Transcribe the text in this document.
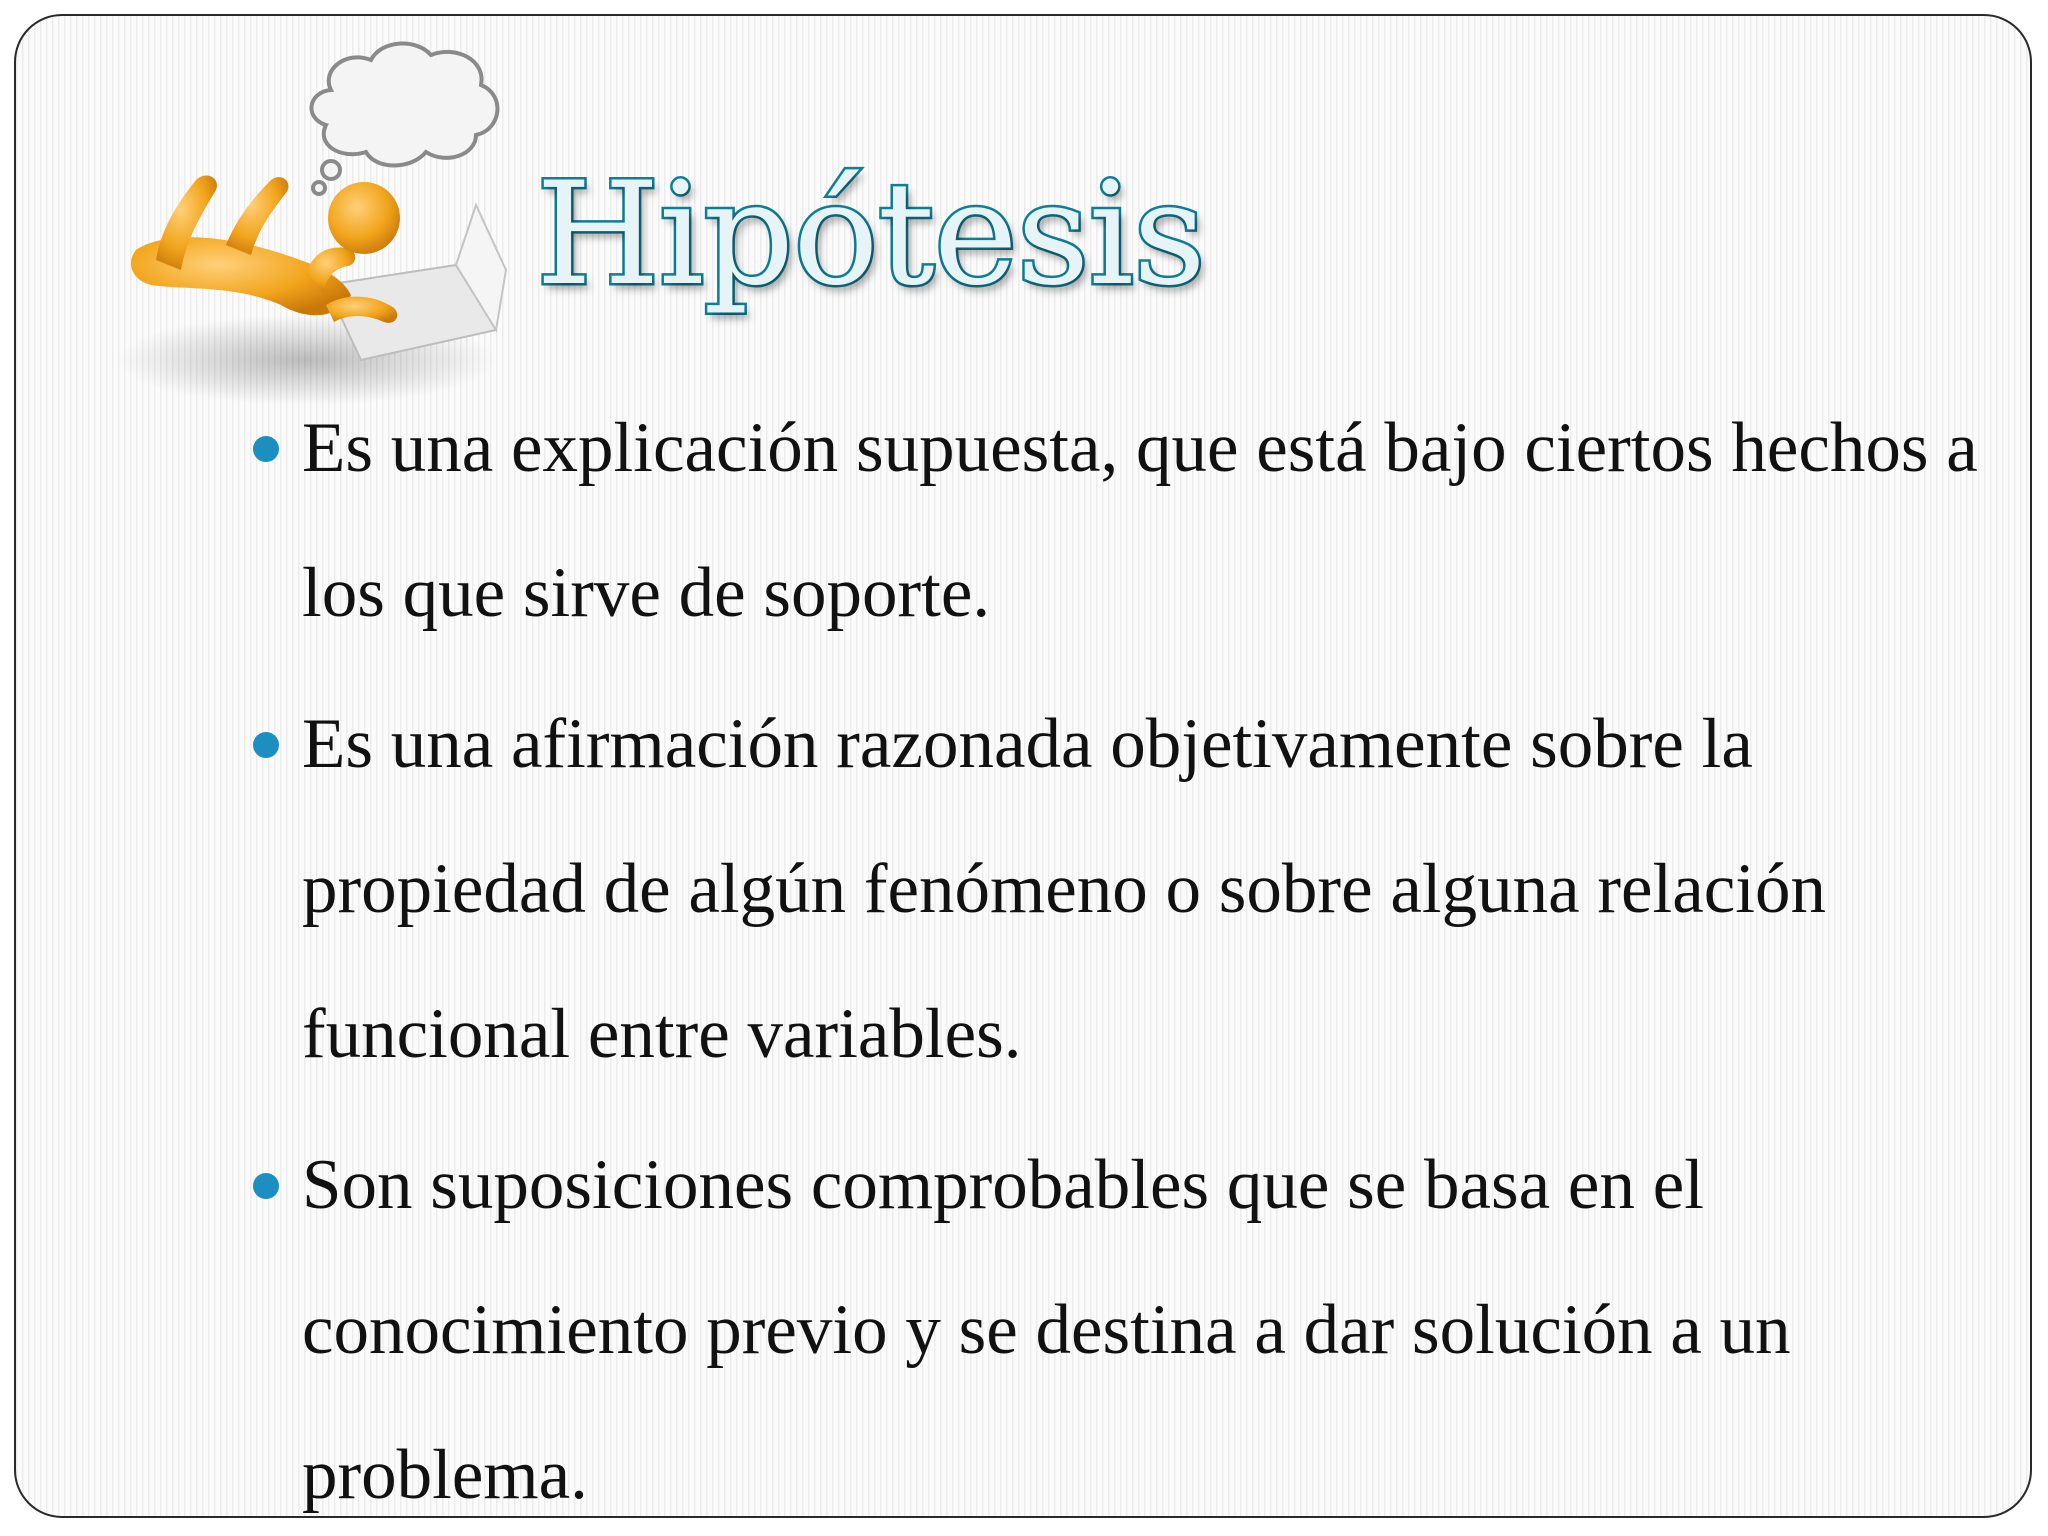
Hipótesis
Es una explicación supuesta, que está bajo ciertos hechos a los que sirve de soporte.
Es una afirmación razonada objetivamente sobre la propiedad de algún fenómeno o sobre alguna relación funcional entre variables.
Son suposiciones comprobables que se basa en el conocimiento previo y se destina a dar solución a un problema.
